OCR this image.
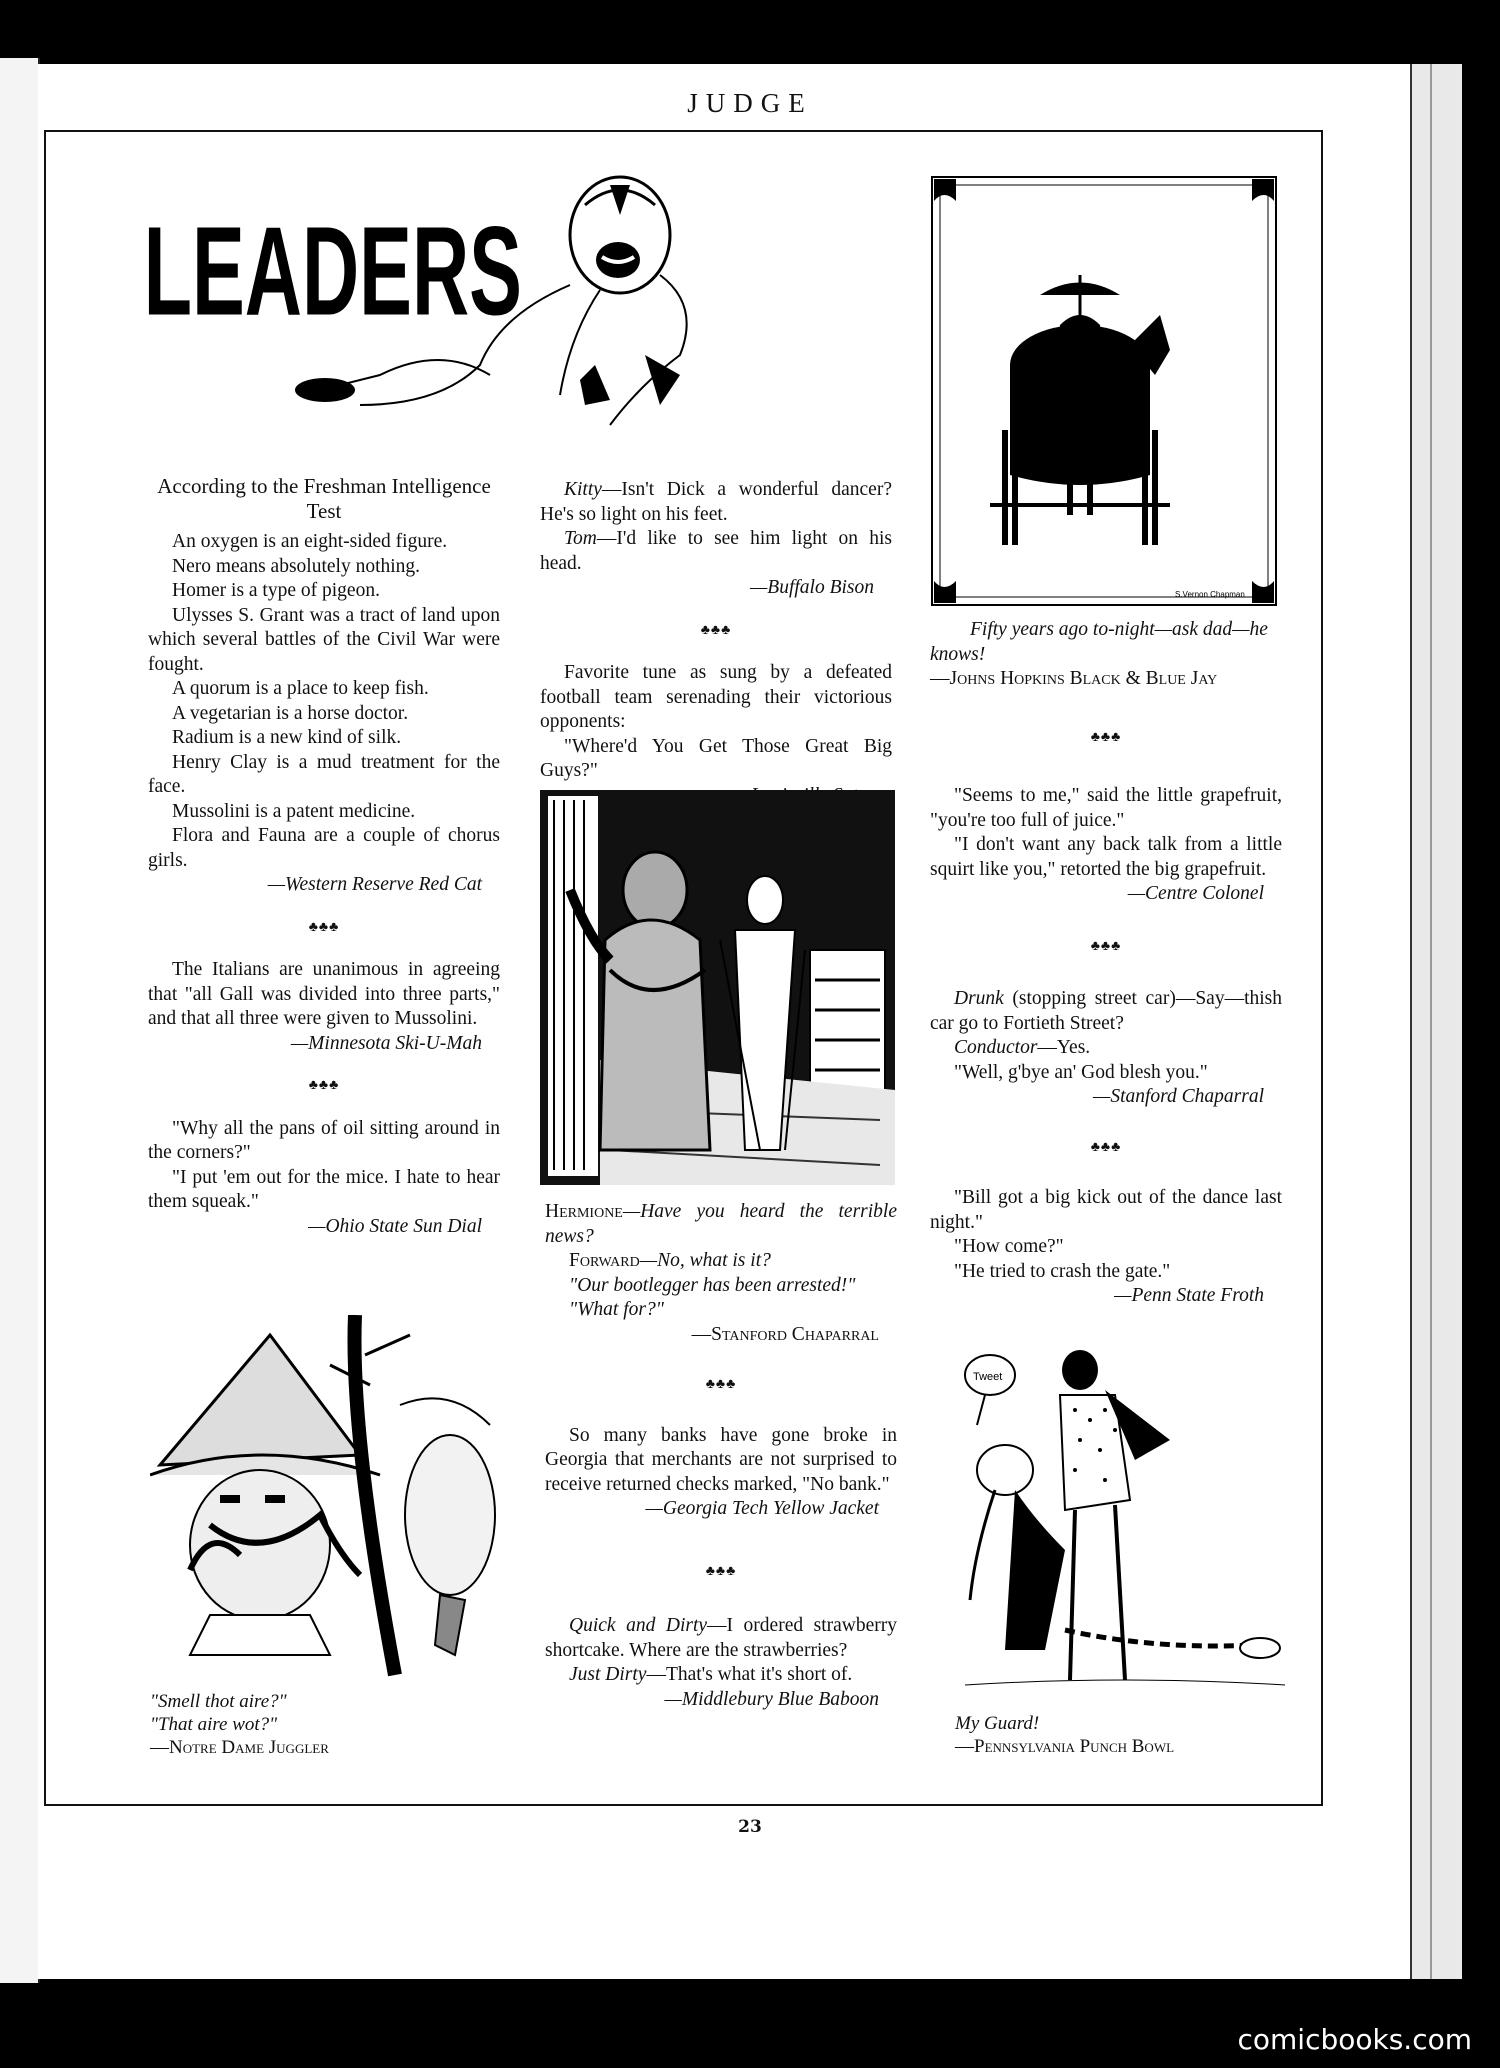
JUDGE
LEADERS
According to the Freshman Intelligence Test

An oxygen is an eight-sided figure.

Nero means absolutely nothing.

Homer is a type of pigeon.

Ulysses S. Grant was a tract of land upon which several battles of the Civil War were fought.

A quorum is a place to keep fish.

A vegetarian is a horse doctor.

Radium is a new kind of silk.

Henry Clay is a mud treatment for the face.

Mussolini is a patent medicine.

Flora and Fauna are a couple of chorus girls.

—Western Reserve Red Cat

♣♣♣

The Italians are unanimous in agreeing that "all Gall was divided into three parts," and that all three were given to Mussolini.

—Minnesota Ski-U-Mah

♣♣♣

"Why all the pans of oil sitting around in the corners?"

"I put 'em out for the mice. I hate to hear them squeak."

—Ohio State Sun Dial

"Smell thot aire?"

"That aire wot?"

—Notre Dame Juggler

Kitty—Isn't Dick a wonderful dancer? He's so light on his feet.

Tom—I'd like to see him light on his head.

—Buffalo Bison

♣♣♣

Favorite tune as sung by a defeated football team serenading their victorious opponents:

"Where'd You Get Those Great Big Guys?"

Hermione—Have you heard the terrible news?

Forward—No, what is it?

"Our bootlegger has been arrested!"

"What for?"

—Stanford Chaparral

♣♣♣

So many banks have gone broke in Georgia that merchants are not surprised to receive returned checks marked, "No bank."

—Georgia Tech Yellow Jacket

♣♣♣

Quick and Dirty—I ordered strawberry shortcake. Where are the strawberries?

Just Dirty—That's what it's short of.

—Middlebury Blue Baboon

S.Vernon Chapman

Fifty years ago to-night—ask dad—he knows!

—Johns Hopkins Black & Blue Jay

♣♣♣

"Seems to me," said the little grapefruit, "you're too full of juice."

"I don't want any back talk from a little squirt like you," retorted the big grapefruit.

—Centre Colonel

♣♣♣

Drunk (stopping street car)—Say—thish car go to Fortieth Street?

Conductor—Yes.

"Well, g'bye an' God blesh you."

—Stanford Chaparral

♣♣♣

"Bill got a big kick out of the dance last night."

"How come?"

"He tried to crash the gate."

—Penn State Froth

Tweet

My Guard!

—Pennsylvania Punch Bowl

23
comicbooks.com
